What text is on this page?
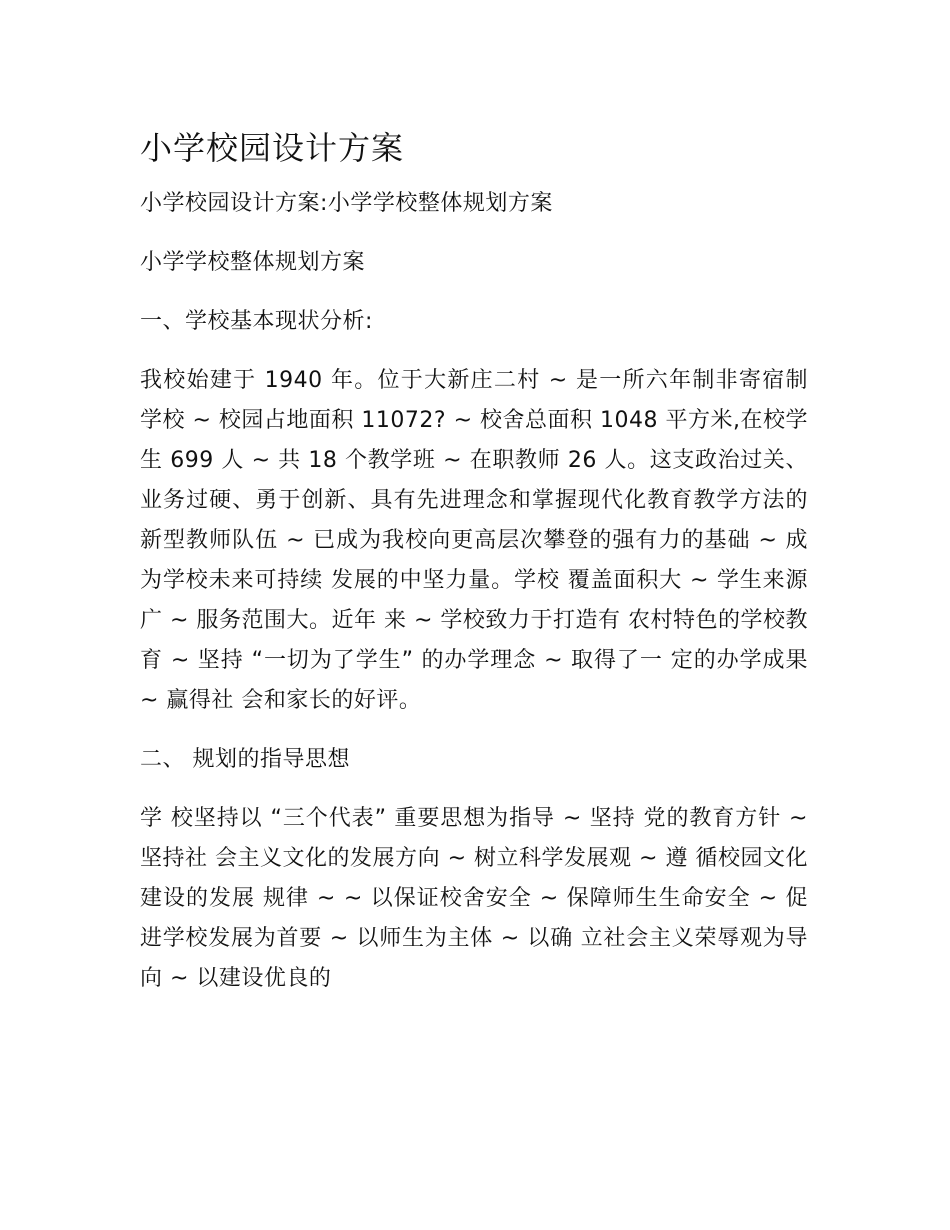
小学校园设计方案
小学校园设计方案:小学学校整体规划方案
小学学校整体规划方案
一、学校基本现状分析:
我校始建于 1940 年。位于大新庄二村 ~ 是一所六年制非寄宿制学校 ~ 校园占地面积 11072? ~ 校舍总面积 1048 平方米,在校学生 699 人 ~ 共 18 个教学班 ~ 在职教师 26 人。这支政治过关、业务过硬、勇于创新、具有先进理念和掌握现代化教育教学方法的新型教师队伍 ~ 已成为我校向更高层次攀登的强有力的基础 ~ 成为学校未来可持续 发展的中坚力量。学校 覆盖面积大 ~ 学生来源 广 ~ 服务范围大。近年 来 ~ 学校致力于打造有 农村特色的学校教育 ~ 坚持 “一切为了学生” 的办学理念 ~ 取得了一 定的办学成果 ~ 赢得社 会和家长的好评。
二、 规划的指导思想
学 校坚持以 “三个代表” 重要思想为指导 ~ 坚持 党的教育方针 ~ 坚持社 会主义文化的发展方向 ~ 树立科学发展观 ~ 遵 循校园文化建设的发展 规律 ~ ~ 以保证校舍安全 ~ 保障师生生命安全 ~ 促进学校发展为首要 ~ 以师生为主体 ~ 以确 立社会主义荣辱观为导 向 ~ 以建设优良的
